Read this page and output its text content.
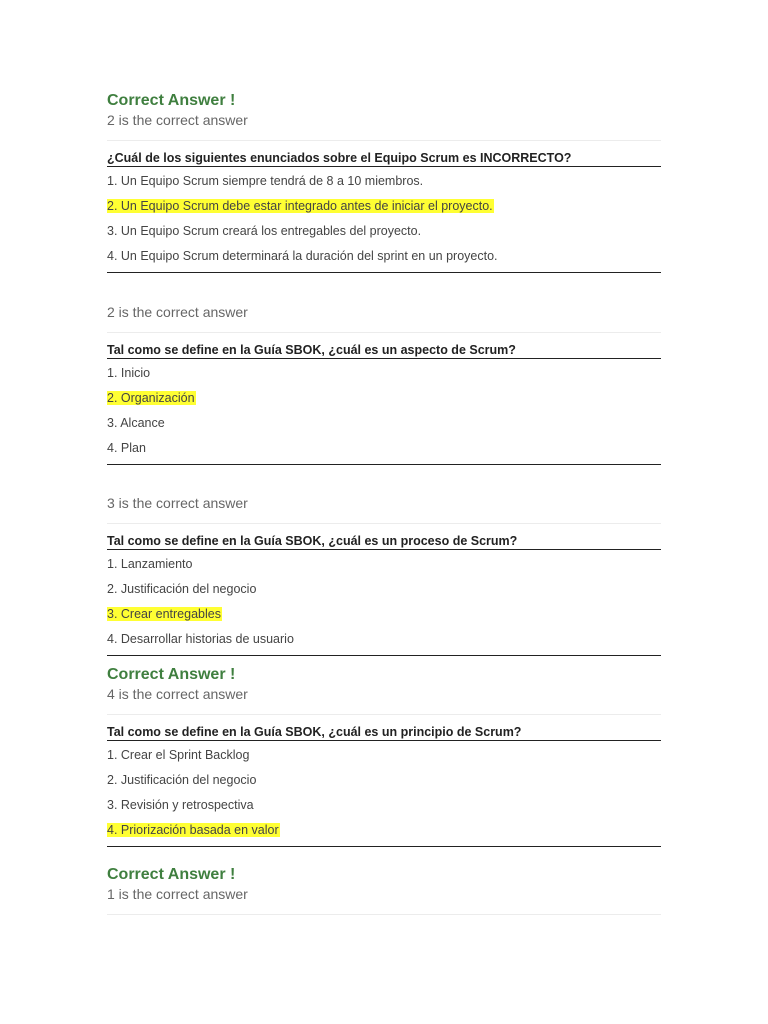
Correct Answer !
2 is the correct answer
¿Cuál de los siguientes enunciados sobre el Equipo Scrum es INCORRECTO?
1. Un Equipo Scrum siempre tendrá de 8 a 10 miembros.
2. Un Equipo Scrum debe estar integrado antes de iniciar el proyecto.
3. Un Equipo Scrum creará los entregables del proyecto.
4. Un Equipo Scrum determinará la duración del sprint en un proyecto.
2 is the correct answer
Tal como se define en la Guía SBOK, ¿cuál es un aspecto de Scrum?
1. Inicio
2. Organización
3. Alcance
4. Plan
3 is the correct answer
Tal como se define en la Guía SBOK, ¿cuál es un proceso de Scrum?
1. Lanzamiento
2. Justificación del negocio
3. Crear entregables
4. Desarrollar historias de usuario
Correct Answer !
4 is the correct answer
Tal como se define en la Guía SBOK, ¿cuál es un principio de Scrum?
1. Crear el Sprint Backlog
2. Justificación del negocio
3. Revisión y retrospectiva
4. Priorización basada en valor
Correct Answer !
1 is the correct answer
